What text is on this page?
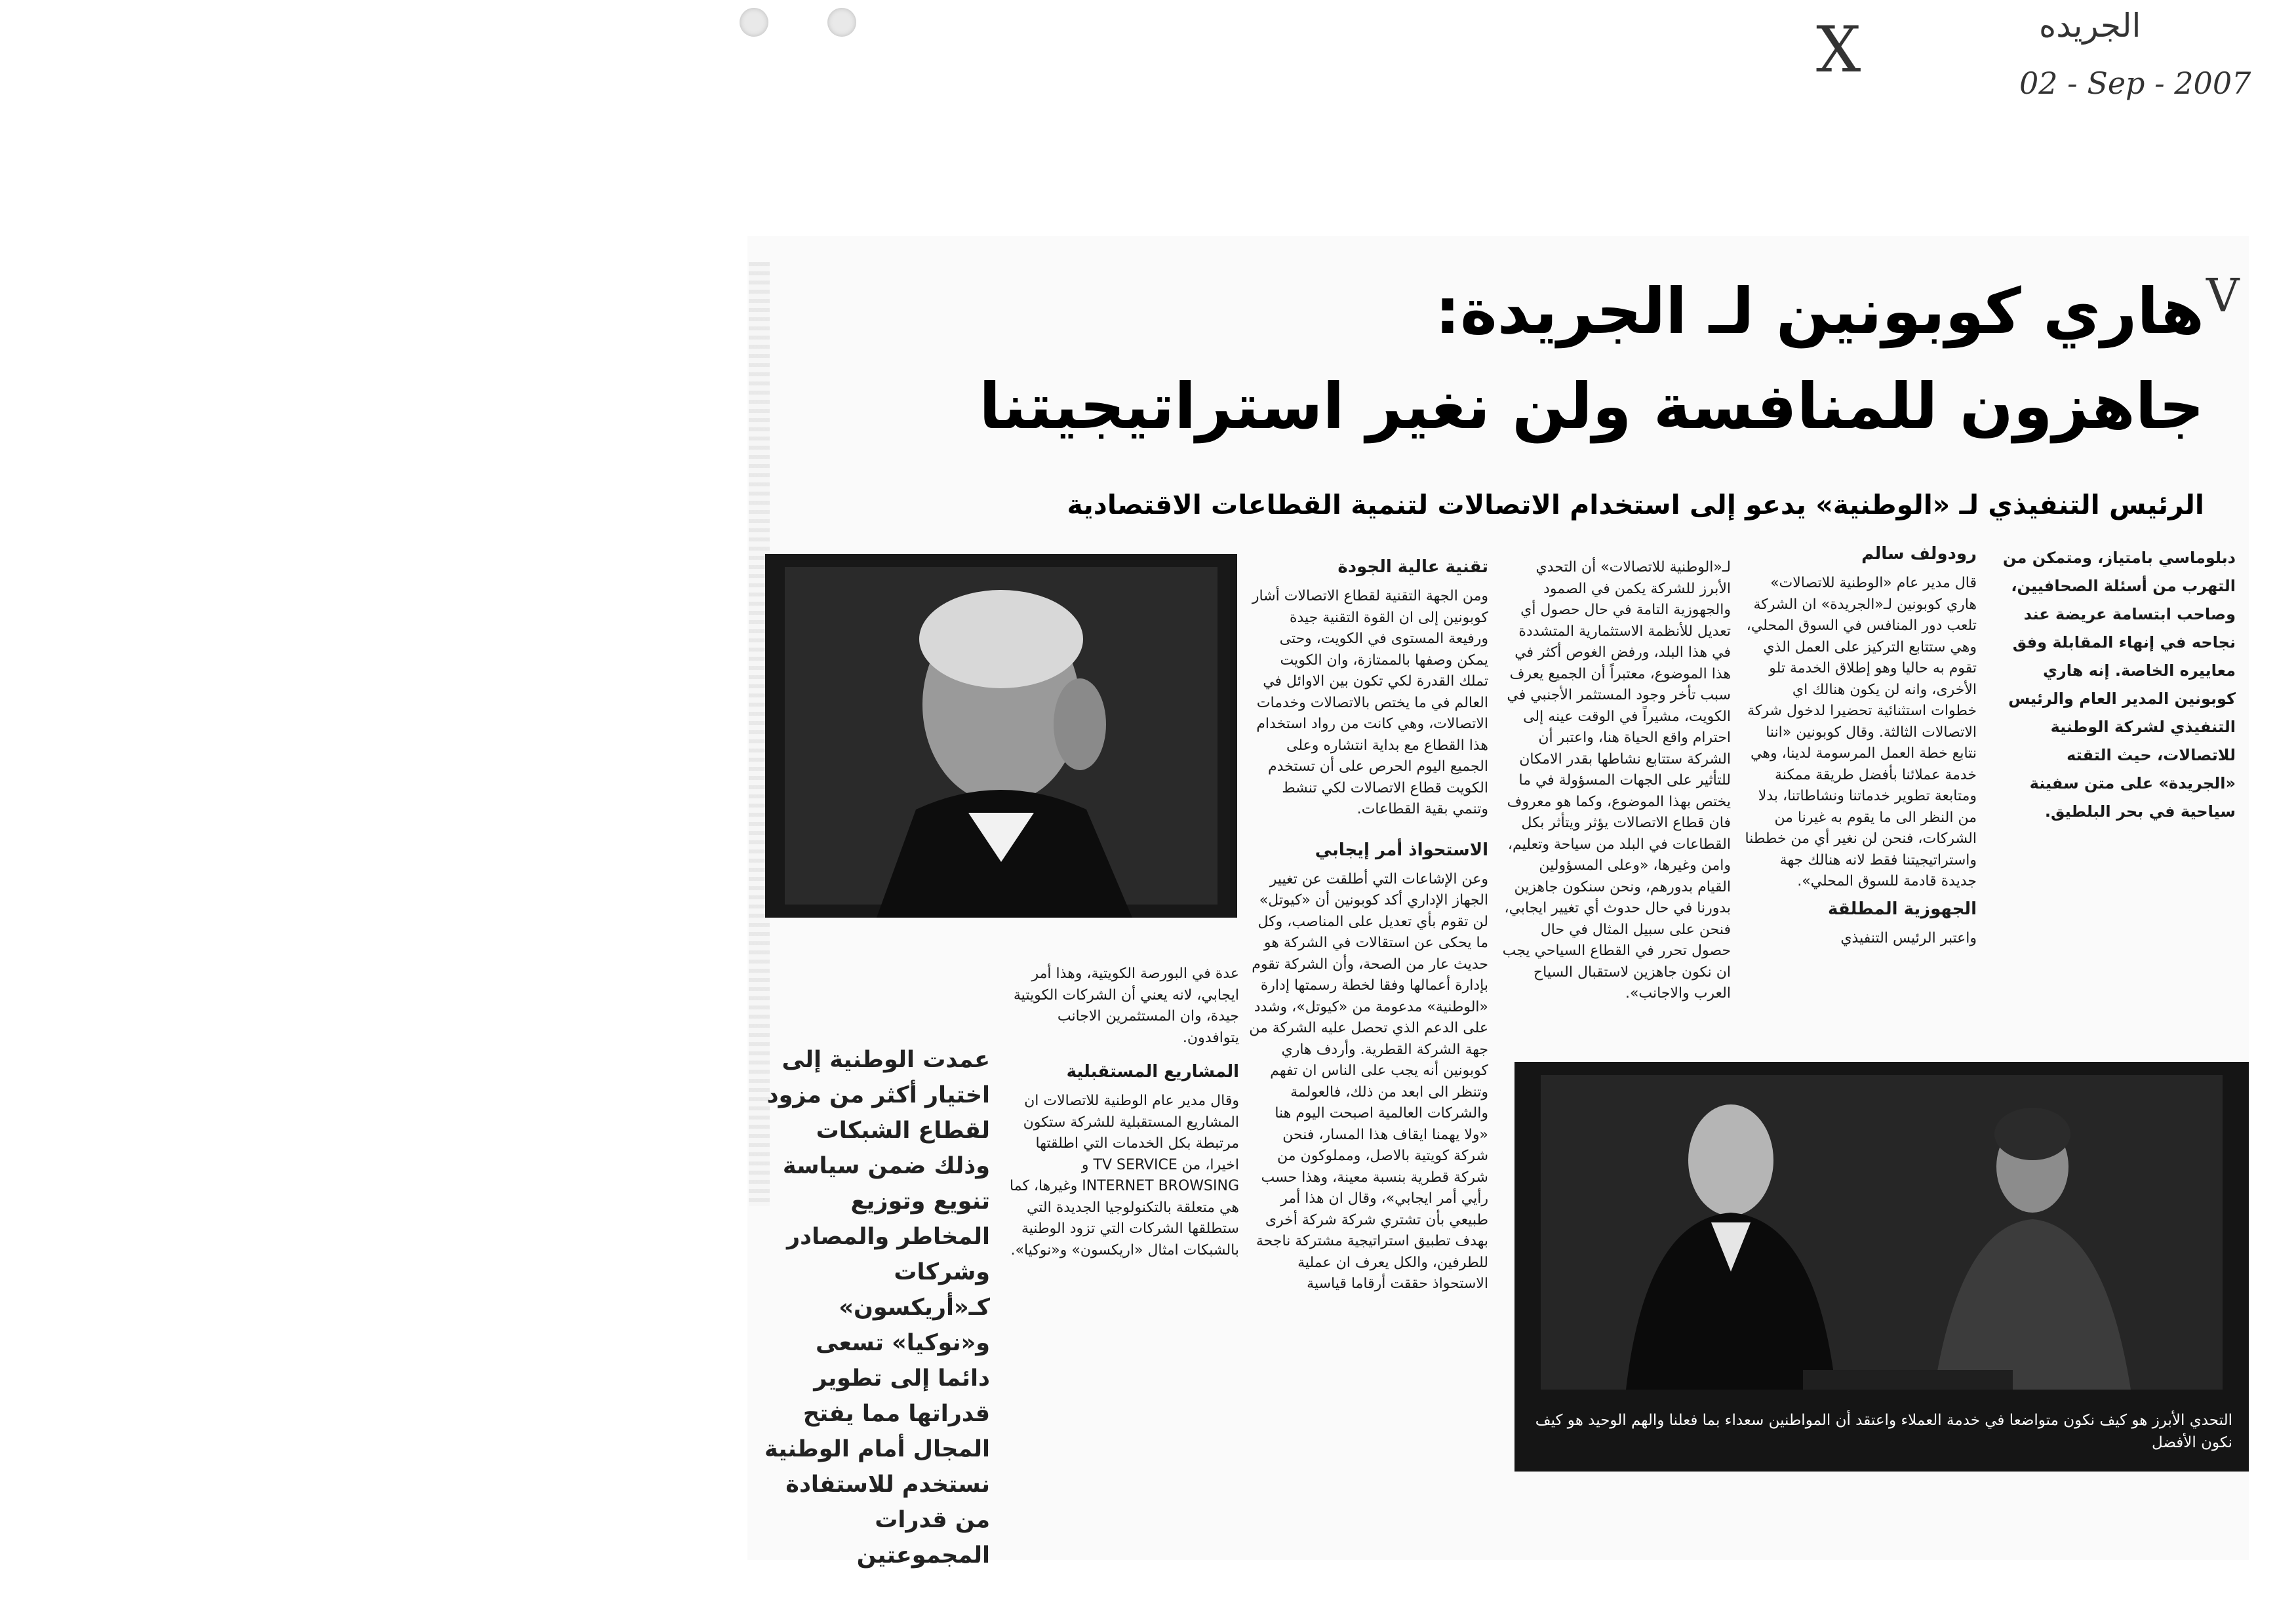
X	الجريده
02 - Sep - 2007
V
هاري كوبونين لـ الجريدة:
جاهزون للمنافسة ولن نغير استراتيجيتنا
الرئيس التنفيذي لـ «الوطنية» يدعو إلى استخدام الاتصالات لتنمية القطاعات الاقتصادية

دبلوماسي بامتياز، ومتمكن من التهرب من أسئلة الصحافيين، وصاحب ابتسامة عريضة عند نجاحه في إنهاء المقابلة وفق معاييره الخاصة. إنه هاري كوبونين المدير العام والرئيس التنفيذي لشركة الوطنية للاتصالات، حيث التقته «الجريدة» على متن سفينة سياحية في بحر البلطيق.

رودولف سالم

قال مدير عام «الوطنية للاتصالات» هاري كوبونين لـ«الجريدة» ان الشركة تلعب دور المنافس في السوق المحلي، وهي ستتابع التركيز على العمل الذي تقوم به حاليا وهو إطلاق الخدمة تلو الأخرى، وانه لن يكون هنالك اي خطوات استثنائية تحضيرا لدخول شركة الاتصالات الثالثة. وقال كوبونين «اننا نتابع خطة العمل المرسومة لدينا، وهي خدمة عملائنا بأفضل طريقة ممكنة ومتابعة تطوير خدماتنا ونشاطاتنا، بدلا من النظر الى ما يقوم به غيرنا من الشركات، فنحن لن نغير أي من خططنا واستراتيجيتنا فقط لانه هنالك جهة جديدة قادمة للسوق المحلي».

الجهوزية المطلقة

واعتبر الرئيس التنفيذي

لـ«الوطنية للاتصالات» أن التحدي الأبرز للشركة يكمن في الصمود والجهوزية التامة في حال حصول أي تعديل للأنظمة الاستثمارية المتشددة في هذا البلد، ورفض الغوص أكثر في هذا الموضوع، معتبراً أن الجميع يعرف سبب تأخر وجود المستثمر الأجنبي في الكويت، مشيراً في الوقت عينه إلى احترام واقع الحياة هنا، واعتبر أن الشركة ستتابع نشاطها بقدر الامكان للتأثير على الجهات المسؤولة في ما يختص بهذا الموضوع، وكما هو معروف فان قطاع الاتصالات يؤثر ويتأثر بكل القطاعات في البلد من سياحة وتعليم، وامن وغيرها، «وعلى المسؤولين القيام بدورهم، ونحن سنكون جاهزين بدورنا في حال حدوث أي تغيير ايجابي، فنحن على سبيل المثال في حال حصول تحرر في القطاع السياحي يجب ان نكون جاهزين لاستقبال السياح العرب والاجانب».

تقنية عالية الجودة

ومن الجهة التقنية لقطاع الاتصالات أشار كوبونين إلى ان القوة التقنية جيدة ورفيعة المستوى في الكويت، وحتى يمكن وصفها بالممتازة، وان الكويت تملك القدرة لكي تكون بين الاوائل في العالم في ما يختص بالاتصالات وخدمات الاتصالات، وهي كانت من رواد استخدام هذا القطاع مع بداية انتشاره وعلى الجميع اليوم الحرص على أن تستخدم الكويت قطاع الاتصالات لكي تنشط وتنمي بقية القطاعات.

الاستحواذ أمر إيجابي

وعن الإشاعات التي أطلقت عن تغيير الجهاز الإداري أكد كوبونين أن «كيوتل» لن تقوم بأي تعديل على المناصب، وكل ما يحكى عن استقالات في الشركة هو حديث عار من الصحة، وأن الشركة تقوم بإدارة أعمالها وفقا لخطة رسمتها إدارة «الوطنية» مدعومة من «كيوتل»، وشدد على الدعم الذي تحصل عليه الشركة من جهة الشركة القطرية. وأردف هاري كوبونين أنه يجب على الناس ان تفهم وتنظر الى ابعد من ذلك، فالعولمة والشركات العالمية اصبحت اليوم هنا «ولا يهمنا ايقاف هذا المسار، فنحن شركة كويتية بالاصل، ومملوكون من شركة قطرية بنسبة معينة، وهذا حسب رأيي أمر ايجابي»، وقال ان هذا أمر طبيعي بأن تشتري شركة شركة أخرى بهدف تطبيق استراتيجية مشتركة ناجحة للطرفين، والكل يعرف ان عملية الاستحواذ حققت أرقاما قياسية

عدة في البورصة الكويتية، وهذا أمر ايجابي، لانه يعني أن الشركات الكويتية جيدة، وان المستثمرين الاجانب يتوافدون.

المشاريع المستقبلية

وقال مدير عام الوطنية للاتصالات ان المشاريع المستقبلية للشركة ستكون مرتبطة بكل الخدمات التي اطلقتها اخيرا، من TV SERVICE و INTERNET BROWSING وغيرها، كما هي متعلقة بالتكنولوجيا الجديدة التي ستطلقها الشركات التي تزود الوطنية بالشبكات امثال «اريكسون» و«نوكيا».

عمدت الوطنية إلى اختيار أكثر من مزود لقطاع الشبكات وذلك ضمن سياسة تنويع وتوزيع المخاطر والمصادر وشركات كـ«أريكسون» و«نوكيا» تسعى دائما إلى تطوير قدراتها مما يفتح المجال أمام الوطنية نستخدم للاستفادة من قدرات المجموعتين

التحدي الأبرز هو كيف نكون متواضعا في خدمة العملاء واعتقد أن المواطنين سعداء بما فعلنا والهم الوحيد هو كيف نكون الأفضل
